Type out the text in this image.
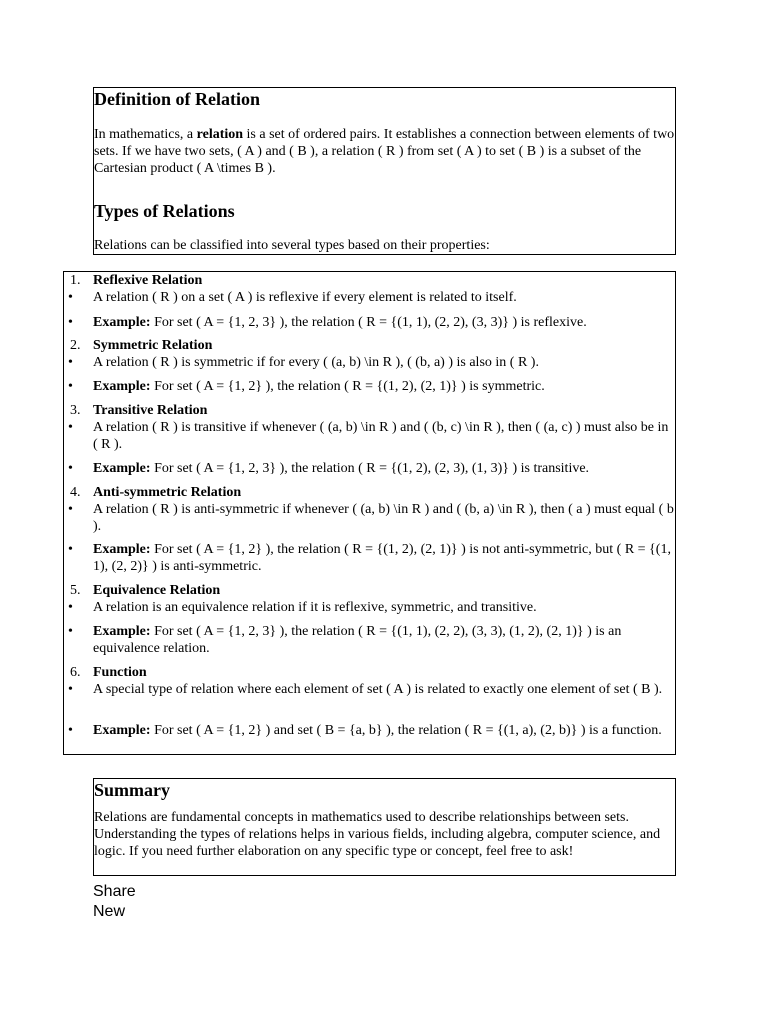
Definition of Relation

In mathematics, a relation is a set of ordered pairs. It establishes a connection between elements of two sets. If we have two sets, ( A ) and ( B ), a relation ( R ) from set ( A ) to set ( B ) is a subset of the Cartesian product ( A \times B ).

Types of Relations

Relations can be classified into several types based on their properties:

1. Reflexive Relation
•	A relation ( R ) on a set ( A ) is reflexive if every element is related to itself.
•	Example: For set ( A = {1, 2, 3} ), the relation ( R = {(1, 1), (2, 2), (3, 3)} ) is reflexive.
2. Symmetric Relation
•	A relation ( R ) is symmetric if for every ( (a, b) \in R ), ( (b, a) ) is also in ( R ).
•	Example: For set ( A = {1, 2} ), the relation ( R = {(1, 2), (2, 1)} ) is symmetric.
3. Transitive Relation
•	A relation ( R ) is transitive if whenever ( (a, b) \in R ) and ( (b, c) \in R ), then ( (a, c) ) must also be in ( R ).
•	Example: For set ( A = {1, 2, 3} ), the relation ( R = {(1, 2), (2, 3), (1, 3)} ) is transitive.
4. Anti-symmetric Relation
•	A relation ( R ) is anti-symmetric if whenever ( (a, b) \in R ) and ( (b, a) \in R ), then ( a ) must equal ( b ).
•	Example: For set ( A = {1, 2} ), the relation ( R = {(1, 2), (2, 1)} ) is not anti-symmetric, but ( R = {(1, 1), (2, 2)} ) is anti-symmetric.
5. Equivalence Relation
•	A relation is an equivalence relation if it is reflexive, symmetric, and transitive.
•	Example: For set ( A = {1, 2, 3} ), the relation ( R = {(1, 1), (2, 2), (3, 3), (1, 2), (2, 1)} ) is an equivalence relation.
6. Function
•	A special type of relation where each element of set ( A ) is related to exactly one element of set ( B ).
•	Example: For set ( A = {1, 2} ) and set ( B = {a, b} ), the relation ( R = {(1, a), (2, b)} ) is a function.
Summary

Relations are fundamental concepts in mathematics used to describe relationships between sets. Understanding the types of relations helps in various fields, including algebra, computer science, and logic. If you need further elaboration on any specific type or concept, feel free to ask!

Share
New
